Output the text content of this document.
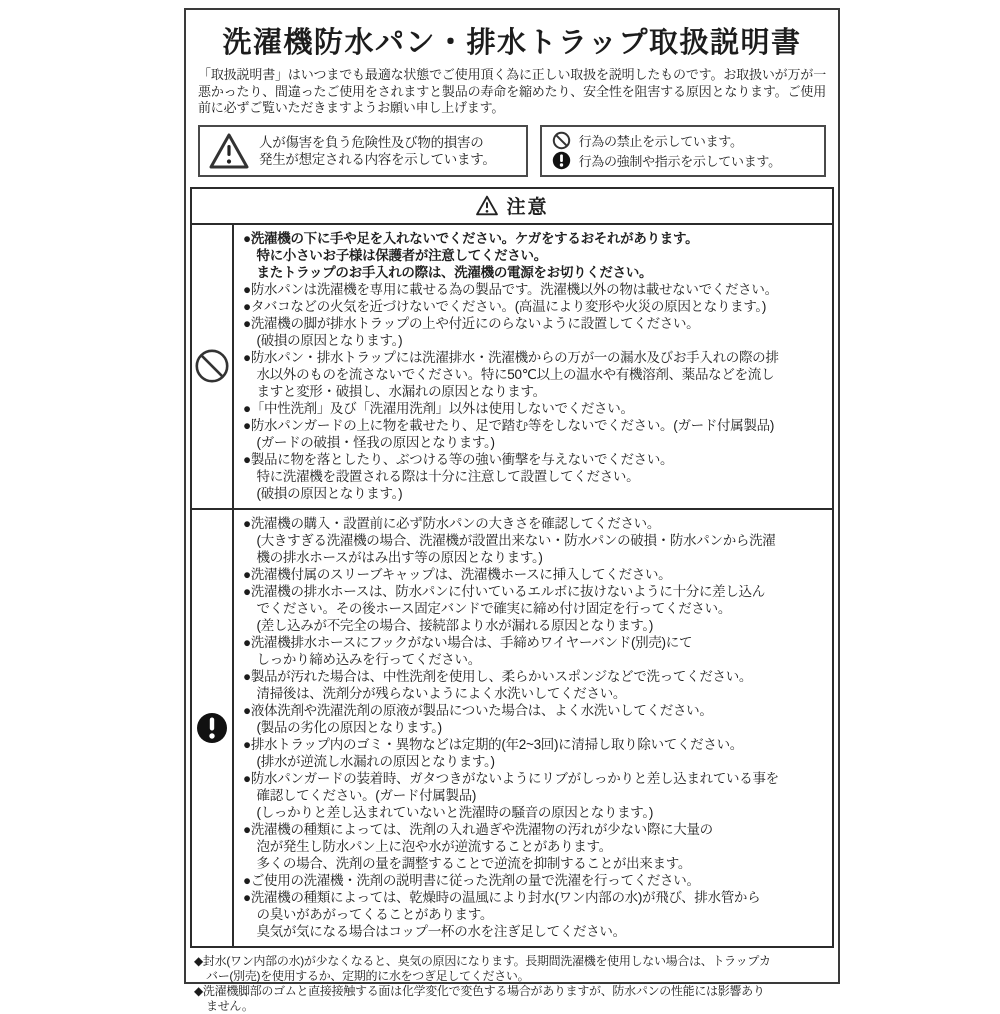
洗濯機防水パン・排水トラップ取扱説明書
「取扱説明書」はいつまでも最適な状態でご使用頂く為に正しい取扱を説明したものです。お取扱いが万が一悪かったり、間違ったご使用をされますと製品の寿命を縮めたり、安全性を阻害する原因となります。ご使用前に必ずご覧いただきますようお願い申し上げます。
人が傷害を負う危険性及び物的損害の
発生が想定される内容を示しています。
行為の禁止を示しています。
行為の強制や指示を示しています。
注意
●洗濯機の下に手や足を入れないでください。ケガをするおそれがあります。
特に小さいお子様は保護者が注意してください。
またトラップのお手入れの際は、洗濯機の電源をお切りください。
●防水パンは洗濯機を専用に載せる為の製品です。洗濯機以外の物は載せないでください。
●タバコなどの火気を近づけないでください。(高温により変形や火災の原因となります。)
●洗濯機の脚が排水トラップの上や付近にのらないように設置してください。
(破損の原因となります。)
●防水パン・排水トラップには洗濯排水・洗濯機からの万が一の漏水及びお手入れの際の排
水以外のものを流さないでください。特に50℃以上の温水や有機溶剤、薬品などを流し
ますと変形・破損し、水漏れの原因となります。
●「中性洗剤」及び「洗濯用洗剤」以外は使用しないでください。
●防水パンガードの上に物を載せたり、足で踏む等をしないでください。(ガード付属製品)
(ガードの破損・怪我の原因となります。)
●製品に物を落としたり、ぶつける等の強い衝撃を与えないでください。
特に洗濯機を設置される際は十分に注意して設置してください。
(破損の原因となります。)
●洗濯機の購入・設置前に必ず防水パンの大きさを確認してください。
(大きすぎる洗濯機の場合、洗濯機が設置出来ない・防水パンの破損・防水パンから洗濯
機の排水ホースがはみ出す等の原因となります。)
●洗濯機付属のスリーブキャップは、洗濯機ホースに挿入してください。
●洗濯機の排水ホースは、防水パンに付いているエルボに抜けないように十分に差し込ん
でください。その後ホース固定バンドで確実に締め付け固定を行ってください。
(差し込みが不完全の場合、接続部より水が漏れる原因となります。)
●洗濯機排水ホースにフックがない場合は、手締めワイヤーバンド(別売)にて
しっかり締め込みを行ってください。
●製品が汚れた場合は、中性洗剤を使用し、柔らかいスポンジなどで洗ってください。
清掃後は、洗剤分が残らないようによく水洗いしてください。
●液体洗剤や洗濯洗剤の原液が製品についた場合は、よく水洗いしてください。
(製品の劣化の原因となります。)
●排水トラップ内のゴミ・異物などは定期的(年2~3回)に清掃し取り除いてください。
(排水が逆流し水漏れの原因となります。)
●防水パンガードの装着時、ガタつきがないようにリブがしっかりと差し込まれている事を
確認してください。(ガード付属製品)
(しっかりと差し込まれていないと洗濯時の騒音の原因となります。)
●洗濯機の種類によっては、洗剤の入れ過ぎや洗濯物の汚れが少ない際に大量の
泡が発生し防水パン上に泡や水が逆流することがあります。
多くの場合、洗剤の量を調整することで逆流を抑制することが出来ます。
●ご使用の洗濯機・洗剤の説明書に従った洗剤の量で洗濯を行ってください。
●洗濯機の種類によっては、乾燥時の温風により封水(ワン内部の水)が飛び、排水管から
の臭いがあがってくることがあります。
臭気が気になる場合はコップ一杯の水を注ぎ足してください。
◆封水(ワン内部の水)が少なくなると、臭気の原因になります。長期間洗濯機を使用しない場合は、トラップカ
バー(別売)を使用するか、定期的に水をつぎ足してください。
◆洗濯機脚部のゴムと直接接触する面は化学変化で変色する場合がありますが、防水パンの性能には影響あり
ません。
